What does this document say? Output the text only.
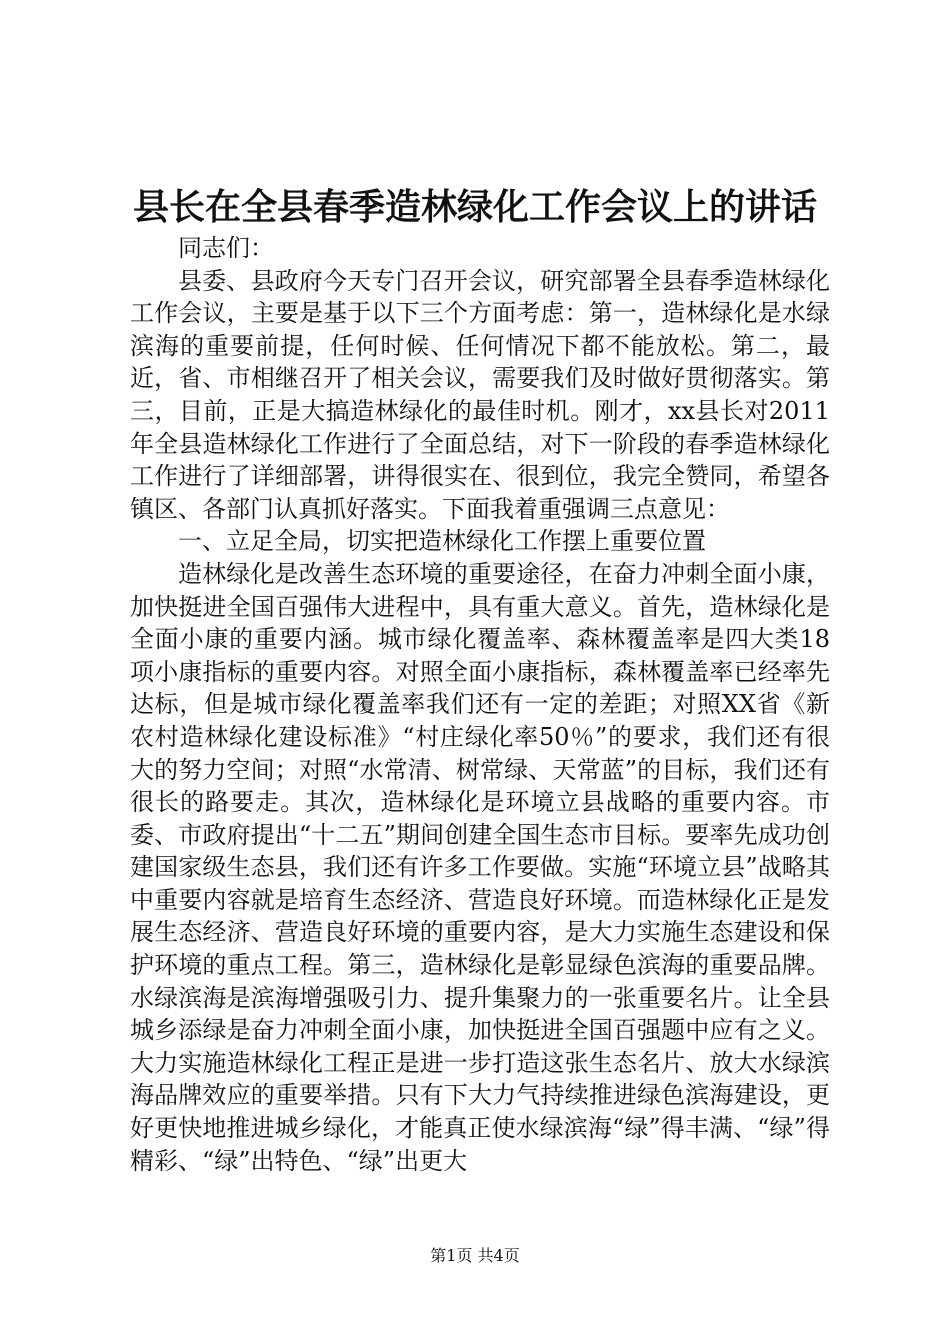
县长在全县春季造林绿化工作会议上的讲话

同志们：

县委、县政府今天专门召开会议，研究部署全县春季造林绿化工作会议，主要是基于以下三个方面考虑：第一，造林绿化是水绿滨海的重要前提，任何时候、任何情况下都不能放松。第二，最近，省、市相继召开了相关会议，需要我们及时做好贯彻落实。第三，目前，正是大搞造林绿化的最佳时机。刚才，xx县长对2011年全县造林绿化工作进行了全面总结，对下一阶段的春季造林绿化工作进行了详细部署，讲得很实在、很到位，我完全赞同，希望各镇区、各部门认真抓好落实。下面我着重强调三点意见：

一、立足全局，切实把造林绿化工作摆上重要位置

造林绿化是改善生态环境的重要途径，在奋力冲刺全面小康，加快挺进全国百强伟大进程中，具有重大意义。首先，造林绿化是全面小康的重要内涵。城市绿化覆盖率、森林覆盖率是四大类18项小康指标的重要内容。对照全面小康指标，森林覆盖率已经率先达标，但是城市绿化覆盖率我们还有一定的差距；对照XX省《新农村造林绿化建设标准》“村庄绿化率50％”的要求，我们还有很大的努力空间；对照“水常清、树常绿、天常蓝”的目标，我们还有很长的路要走。其次，造林绿化是环境立县战略的重要内容。市委、市政府提出“十二五”期间创建全国生态市目标。要率先成功创建国家级生态县，我们还有许多工作要做。实施“环境立县”战略其中重要内容就是培育生态经济、营造良好环境。而造林绿化正是发展生态经济、营造良好环境的重要内容，是大力实施生态建设和保护环境的重点工程。第三，造林绿化是彰显绿色滨海的重要品牌。水绿滨海是滨海增强吸引力、提升集聚力的一张重要名片。让全县城乡添绿是奋力冲刺全面小康，加快挺进全国百强题中应有之义。大力实施造林绿化工程正是进一步打造这张生态名片、放大水绿滨海品牌效应的重要举措。只有下大力气持续推进绿色滨海建设，更好更快地推进城乡绿化，才能真正使水绿滨海“绿”得丰满、“绿”得精彩、“绿”出特色、“绿”出更大

第1页 共4页
